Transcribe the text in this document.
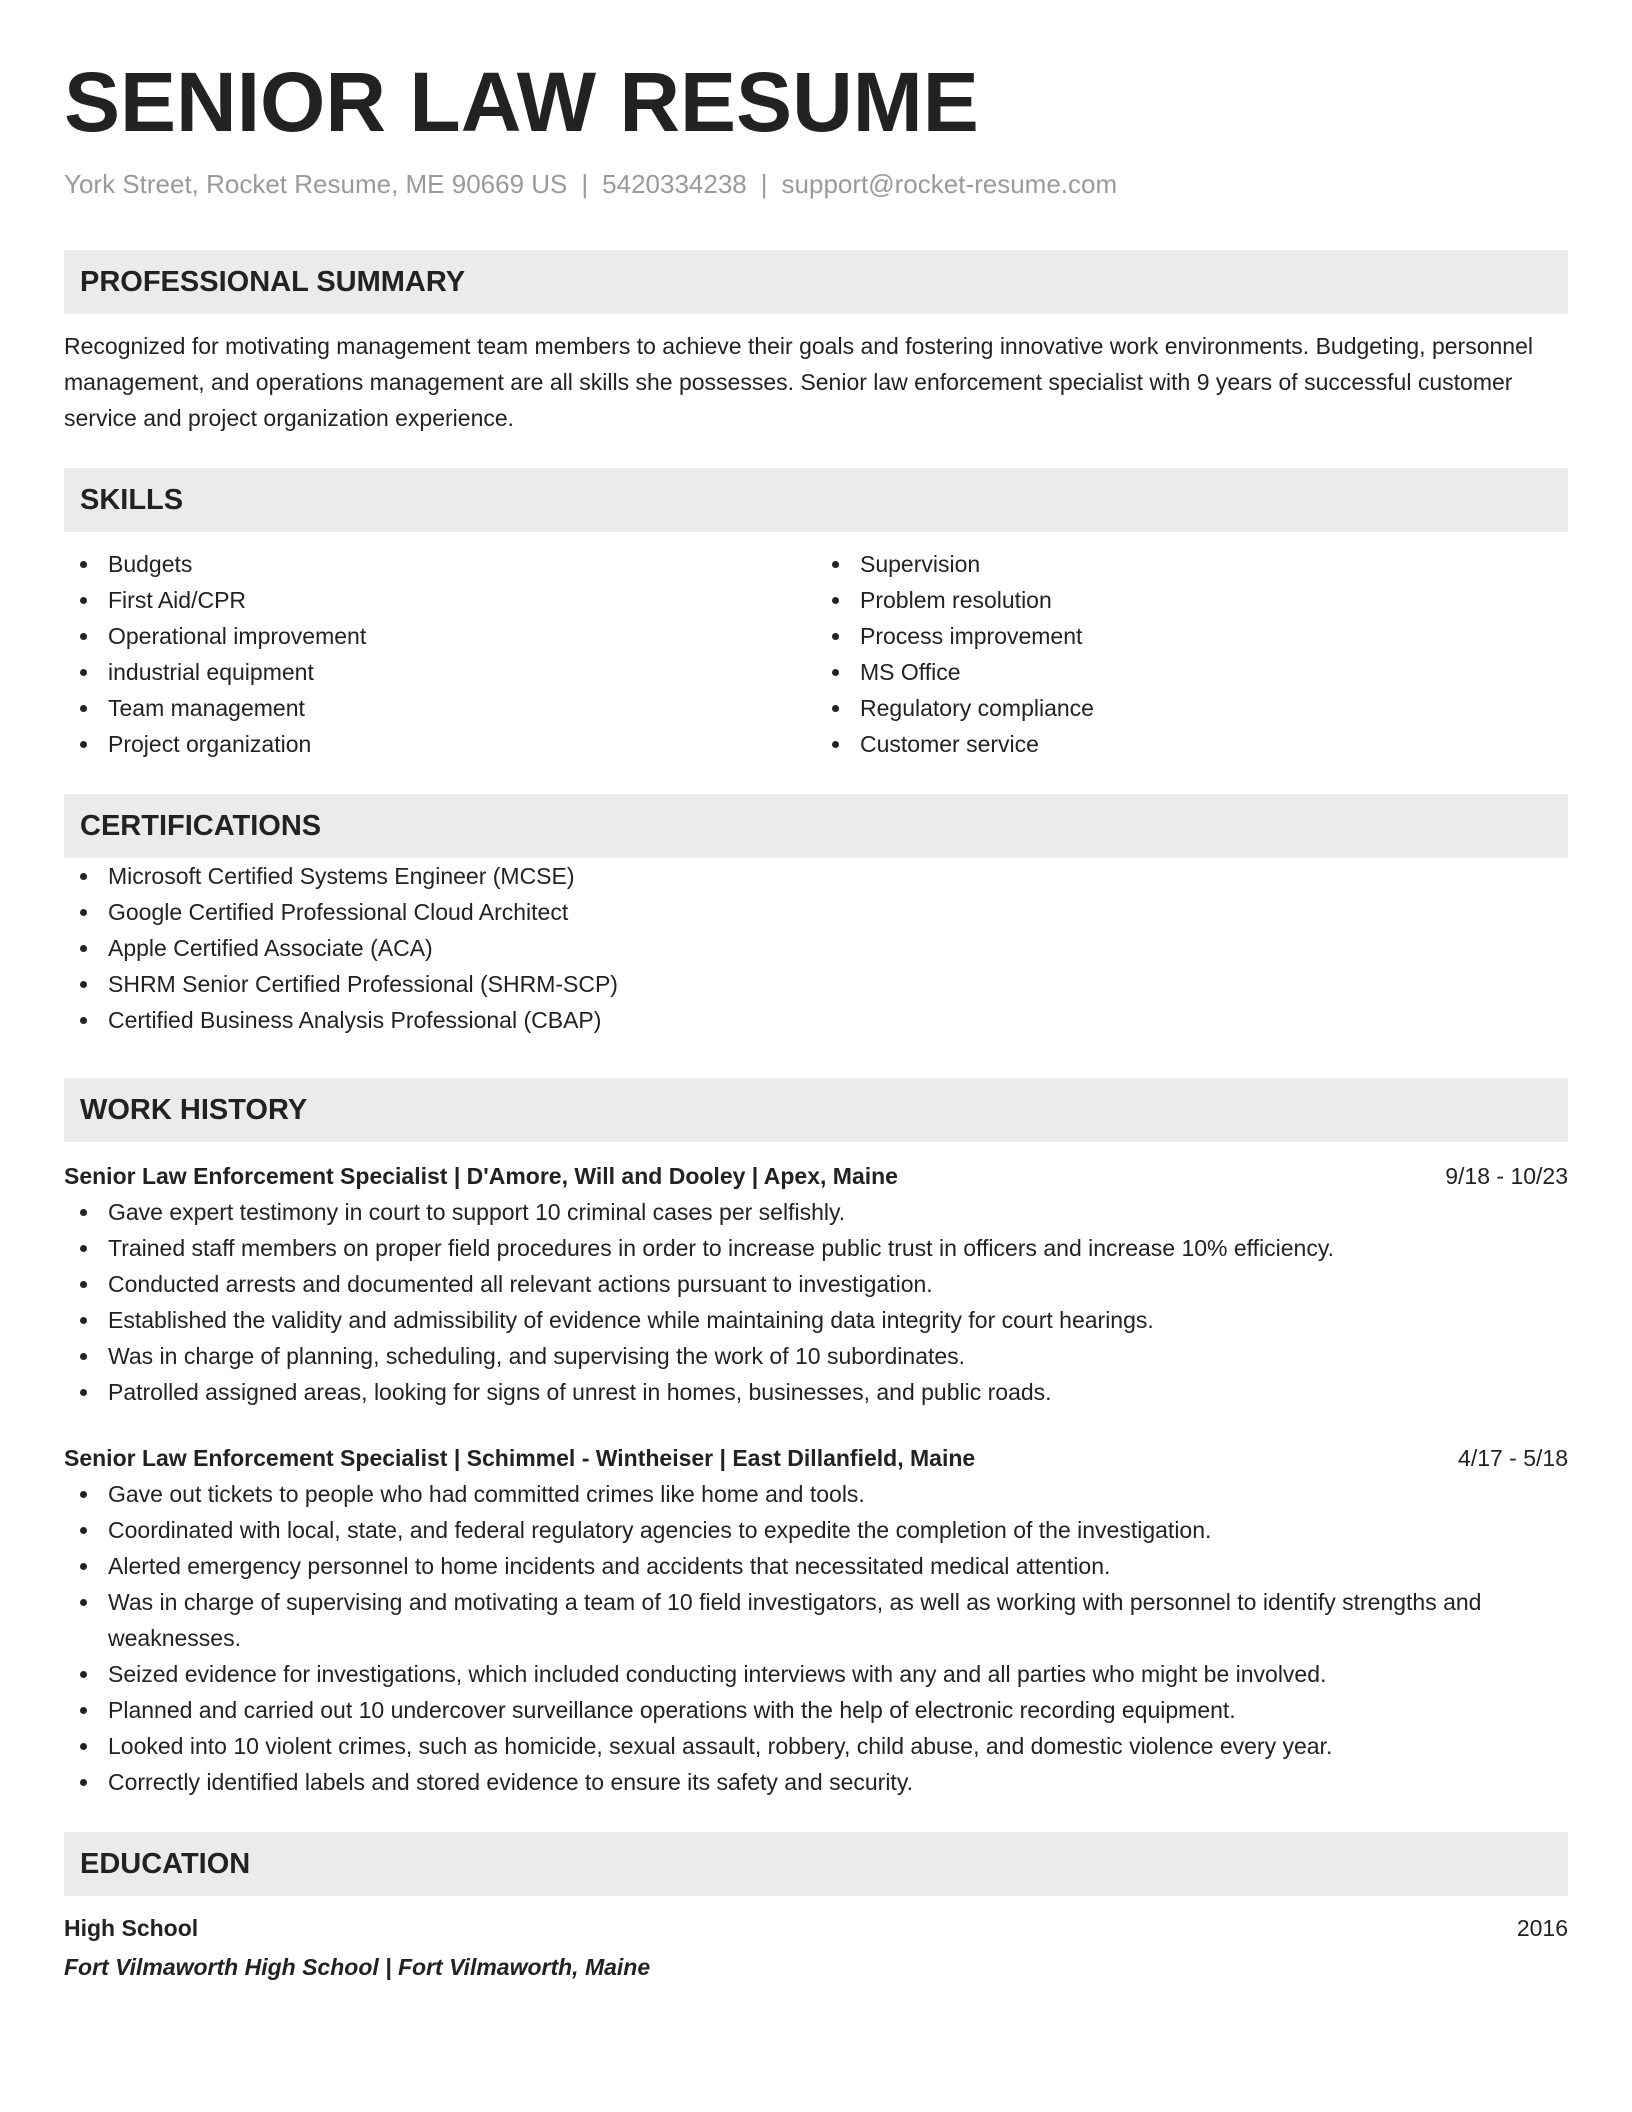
SENIOR LAW RESUME
York Street, Rocket Resume, ME 90669 US | 5420334238 | support@rocket-resume.com
PROFESSIONAL SUMMARY
Recognized for motivating management team members to achieve their goals and fostering innovative work environments. Budgeting, personnel management, and operations management are all skills she possesses. Senior law enforcement specialist with 9 years of successful customer service and project organization experience.
SKILLS
Budgets
First Aid/CPR
Operational improvement
industrial equipment
Team management
Project organization
Supervision
Problem resolution
Process improvement
MS Office
Regulatory compliance
Customer service
CERTIFICATIONS
Microsoft Certified Systems Engineer (MCSE)
Google Certified Professional Cloud Architect
Apple Certified Associate (ACA)
SHRM Senior Certified Professional (SHRM-SCP)
Certified Business Analysis Professional (CBAP)
WORK HISTORY
Senior Law Enforcement Specialist | D'Amore, Will and Dooley | Apex, Maine	9/18 - 10/23
Gave expert testimony in court to support 10 criminal cases per selfishly.
Trained staff members on proper field procedures in order to increase public trust in officers and increase 10% efficiency.
Conducted arrests and documented all relevant actions pursuant to investigation.
Established the validity and admissibility of evidence while maintaining data integrity for court hearings.
Was in charge of planning, scheduling, and supervising the work of 10 subordinates.
Patrolled assigned areas, looking for signs of unrest in homes, businesses, and public roads.
Senior Law Enforcement Specialist | Schimmel - Wintheiser | East Dillanfield, Maine	4/17 - 5/18
Gave out tickets to people who had committed crimes like home and tools.
Coordinated with local, state, and federal regulatory agencies to expedite the completion of the investigation.
Alerted emergency personnel to home incidents and accidents that necessitated medical attention.
Was in charge of supervising and motivating a team of 10 field investigators, as well as working with personnel to identify strengths and weaknesses.
Seized evidence for investigations, which included conducting interviews with any and all parties who might be involved.
Planned and carried out 10 undercover surveillance operations with the help of electronic recording equipment.
Looked into 10 violent crimes, such as homicide, sexual assault, robbery, child abuse, and domestic violence every year.
Correctly identified labels and stored evidence to ensure its safety and security.
EDUCATION
High School	2016
Fort Vilmaworth High School | Fort Vilmaworth, Maine
